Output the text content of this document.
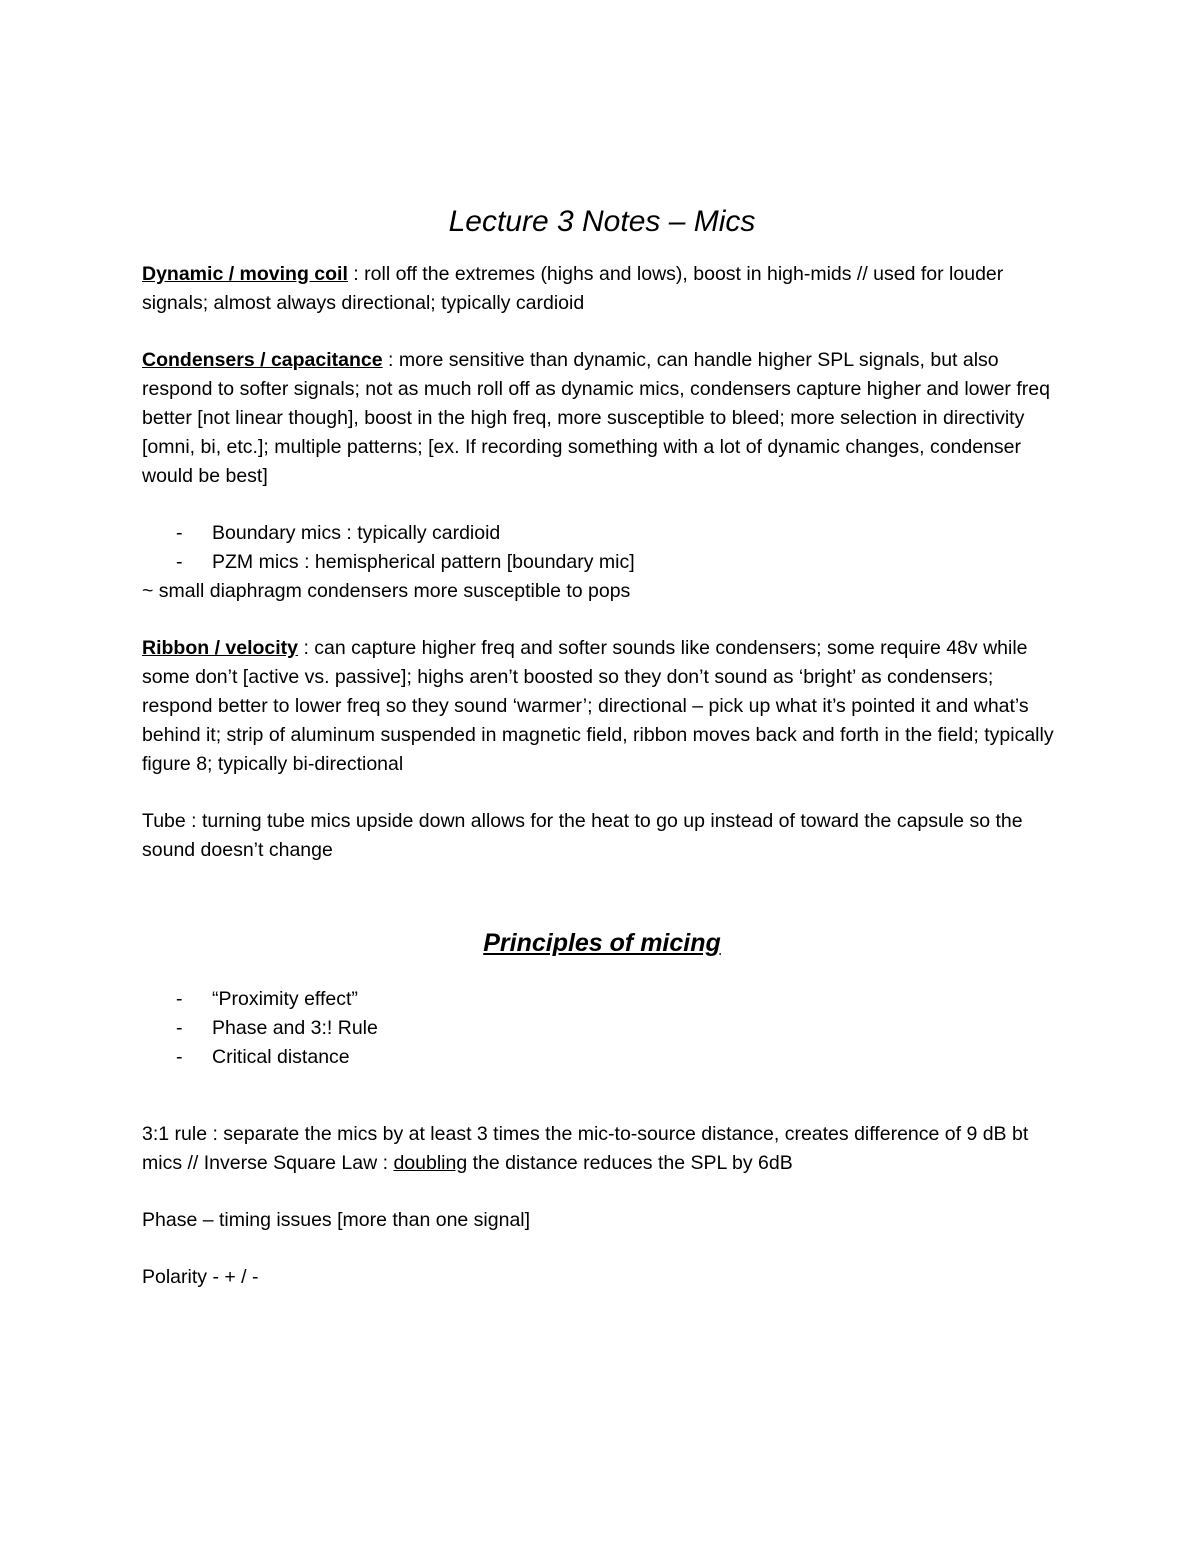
Lecture 3 Notes – Mics

Dynamic / moving coil : roll off the extremes (highs and lows), boost in high-mids // used for louder signals; almost always directional; typically cardioid

Condensers / capacitance : more sensitive than dynamic, can handle higher SPL signals, but also respond to softer signals; not as much roll off as dynamic mics, condensers capture higher and lower freq better [not linear though], boost in the high freq, more susceptible to bleed; more selection in directivity [omni, bi, etc.]; multiple patterns; [ex. If recording something with a lot of dynamic changes, condenser would be best]

- Boundary mics : typically cardioid
- PZM mics : hemispherical pattern [boundary mic]

~ small diaphragm condensers more susceptible to pops

Ribbon / velocity : can capture higher freq and softer sounds like condensers; some require 48v while some don’t [active vs. passive]; highs aren’t boosted so they don’t sound as ‘bright’ as condensers; respond better to lower freq so they sound ‘warmer’; directional – pick up what it’s pointed it and what’s behind it; strip of aluminum suspended in magnetic field, ribbon moves back and forth in the field; typically figure 8; typically bi-directional

Tube : turning tube mics upside down allows for the heat to go up instead of toward the capsule so the sound doesn’t change

Principles of micing
- “Proximity effect”
- Phase and 3:! Rule
- Critical distance

3:1 rule : separate the mics by at least 3 times the mic-to-source distance, creates difference of 9 dB bt mics // Inverse Square Law : doubling the distance reduces the SPL by 6dB

Phase – timing issues [more than one signal]

Polarity - + / -
